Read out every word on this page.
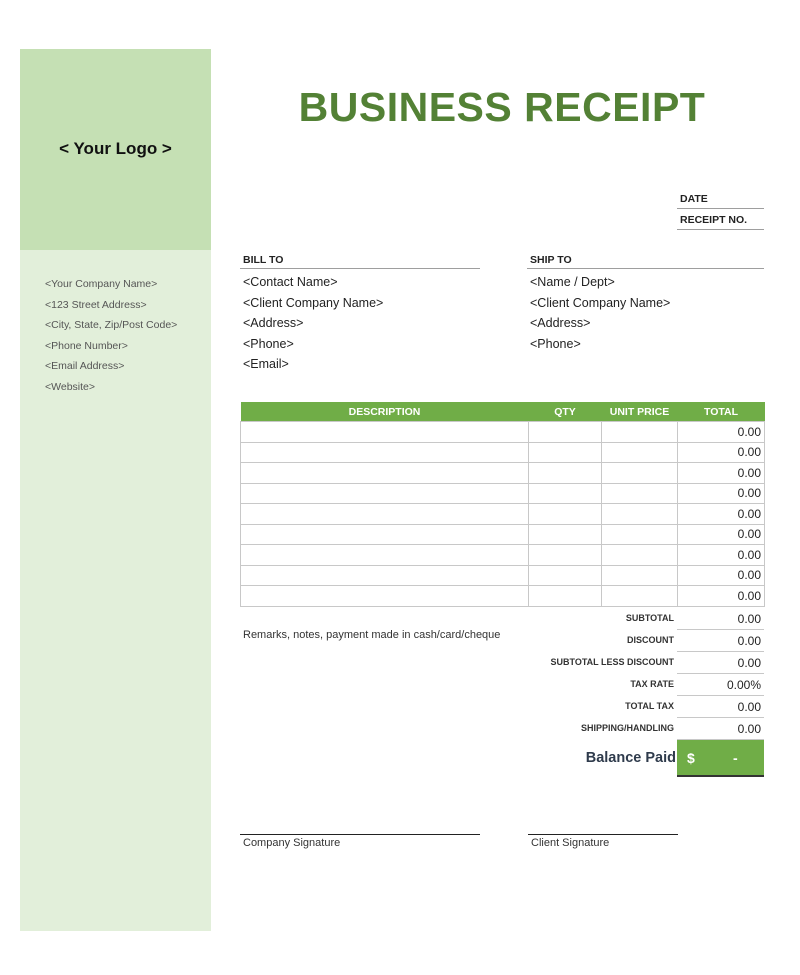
< Your Logo >
<Your Company Name>
<123 Street Address>
<City, State, Zip/Post Code>
<Phone Number>
<Email Address>
<Website>
BUSINESS RECEIPT
DATE
RECEIPT NO.
BILL TO
<Contact Name>
<Client Company Name>
<Address>
<Phone>
<Email>
SHIP TO
<Name / Dept>
<Client Company Name>
<Address>
<Phone>
DESCRIPTION	QTY	UNIT PRICE	TOTAL
			0.00
			0.00
			0.00
			0.00
			0.00
			0.00
			0.00
			0.00
			0.00
Remarks, notes, payment made in cash/card/cheque
SUBTOTAL	0.00
DISCOUNT	0.00
SUBTOTAL LESS DISCOUNT	0.00
TAX RATE	0.00%
TOTAL TAX	0.00
SHIPPING/HANDLING	0.00
Balance Paid $	-
Company Signature	Client Signature
